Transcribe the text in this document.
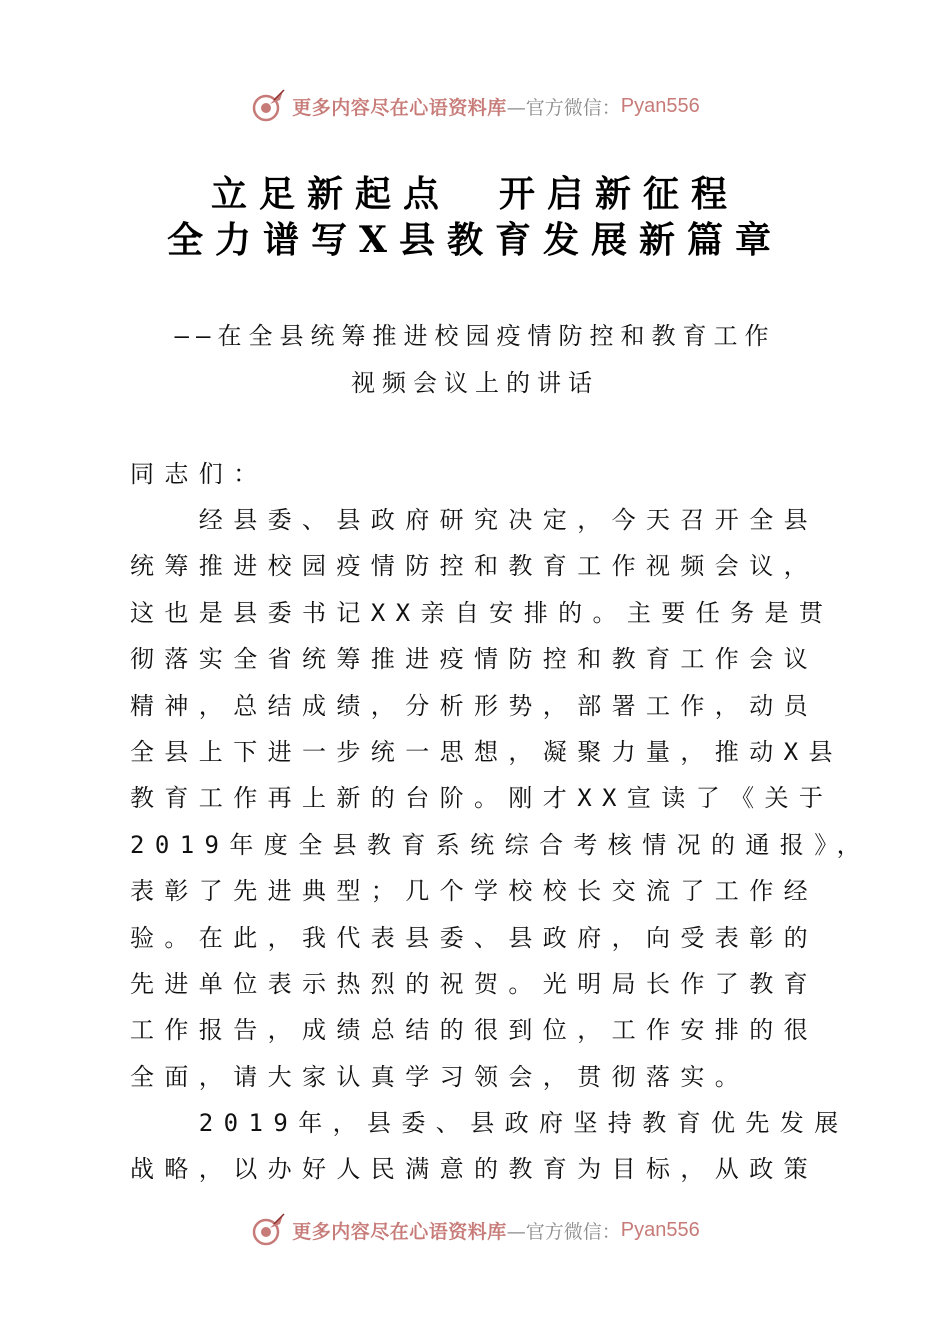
更多内容尽在心语资料库 —官方微信： Pyan556
立足新起点　开启新征程
全力谱写X县教育发展新篇章
——在全县统筹推进校园疫情防控和教育工作
视频会议上的讲话
同志们：
　　经县委、县政府研究决定，今天召开全县
统筹推进校园疫情防控和教育工作视频会议，
这也是县委书记XX亲自安排的。主要任务是贯
彻落实全省统筹推进疫情防控和教育工作会议
精神，总结成绩，分析形势，部署工作，动员
全县上下进一步统一思想，凝聚力量，推动X县
教育工作再上新的台阶。刚才XX宣读了《关于
2019年度全县教育系统综合考核情况的通报》，
表彰了先进典型；几个学校校长交流了工作经
验。在此，我代表县委、县政府，向受表彰的
先进单位表示热烈的祝贺。光明局长作了教育
工作报告，成绩总结的很到位，工作安排的很
全面，请大家认真学习领会，贯彻落实。
　　2019年，县委、县政府坚持教育优先发展
战略，以办好人民满意的教育为目标，从政策
更多内容尽在心语资料库 —官方微信： Pyan556
